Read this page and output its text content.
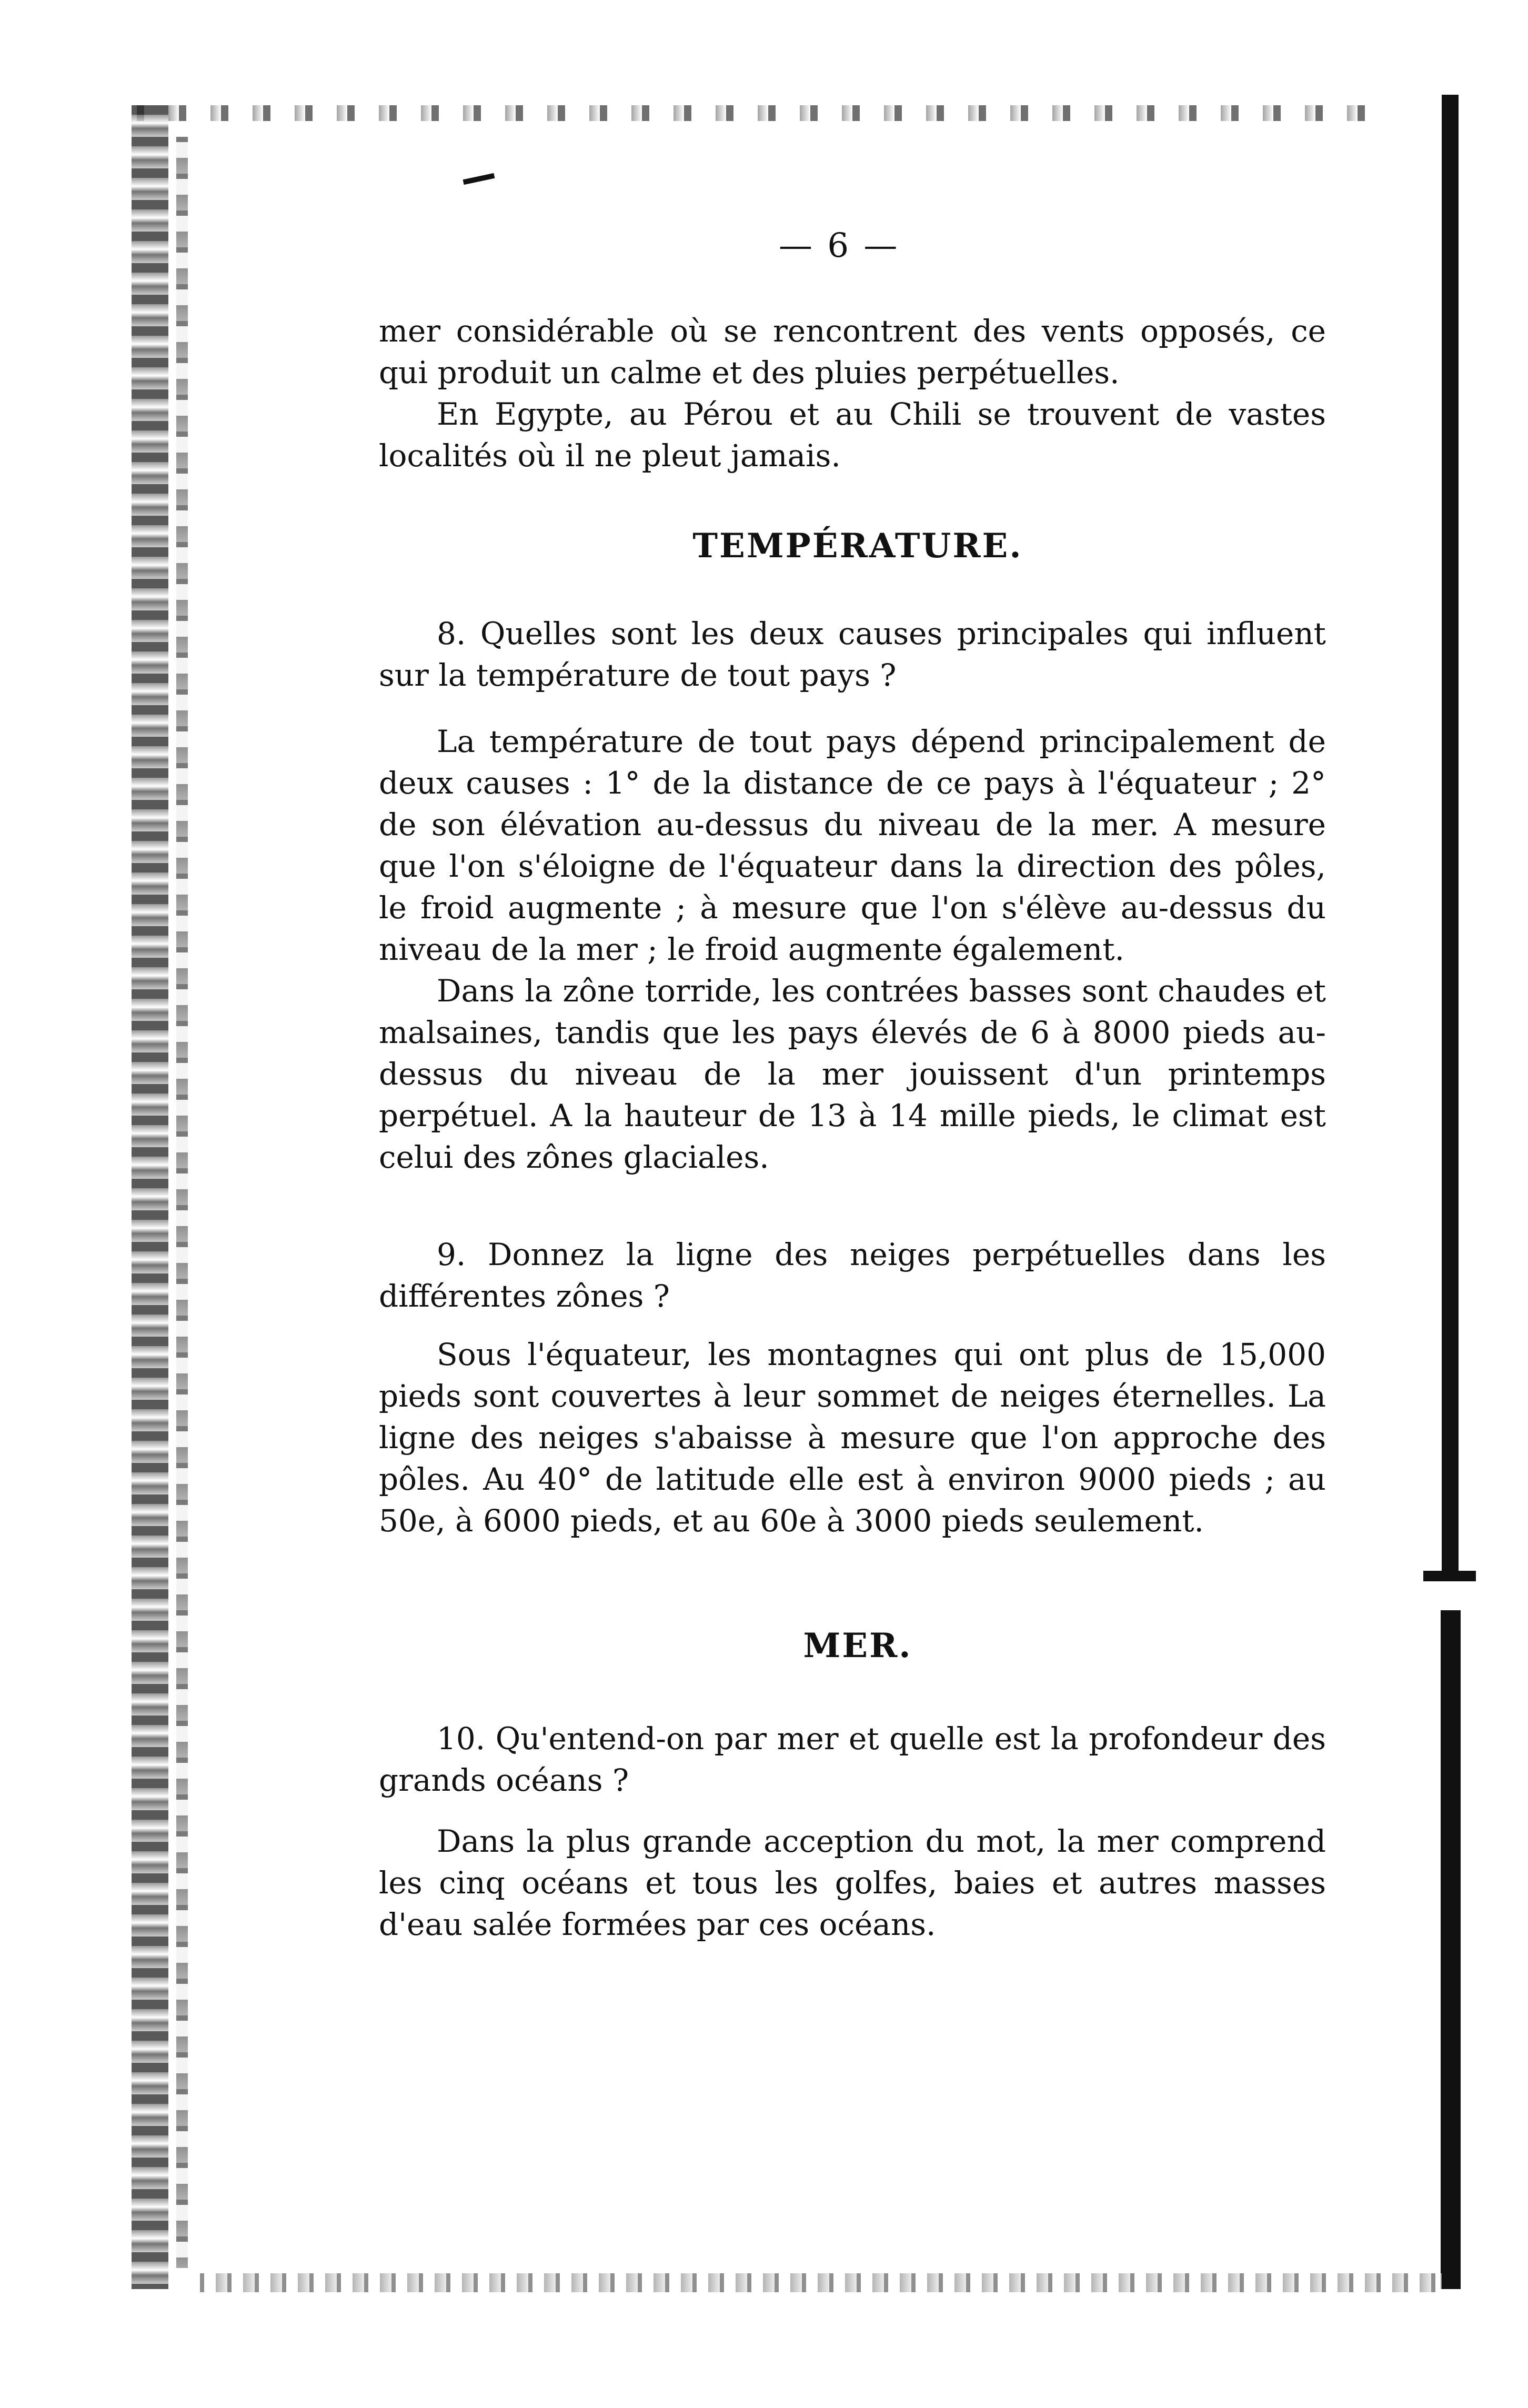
— 6 —

mer considérable où se rencontrent des vents opposés, ce qui produit un calme et des pluies perpétuelles.

En Egypte, au Pérou et au Chili se trouvent de vastes localités où il ne pleut jamais.

TEMPÉRATURE.

8. Quelles sont les deux causes principales qui influent sur la température de tout pays ?

La température de tout pays dépend principalement de deux causes : 1° de la distance de ce pays à l'équateur ; 2° de son élévation au-dessus du niveau de la mer. A mesure que l'on s'éloigne de l'équateur dans la direction des pôles, le froid augmente ; à mesure que l'on s'élève au-dessus du niveau de la mer ; le froid augmente également.

Dans la zône torride, les contrées basses sont chaudes et malsaines, tandis que les pays élevés de 6 à 8000 pieds au-dessus du niveau de la mer jouissent d'un printemps perpétuel. A la hauteur de 13 à 14 mille pieds, le climat est celui des zônes glaciales.

9. Donnez la ligne des neiges perpétuelles dans les différentes zônes ?

Sous l'équateur, les montagnes qui ont plus de 15,000 pieds sont couvertes à leur sommet de neiges éternelles. La ligne des neiges s'abaisse à mesure que l'on approche des pôles. Au 40° de latitude elle est à environ 9000 pieds ; au 50e, à 6000 pieds, et au 60e à 3000 pieds seulement.

MER.

10. Qu'entend-on par mer et quelle est la profondeur des grands océans ?

Dans la plus grande acception du mot, la mer comprend les cinq océans et tous les golfes, baies et autres masses d'eau salée formées par ces océans.
